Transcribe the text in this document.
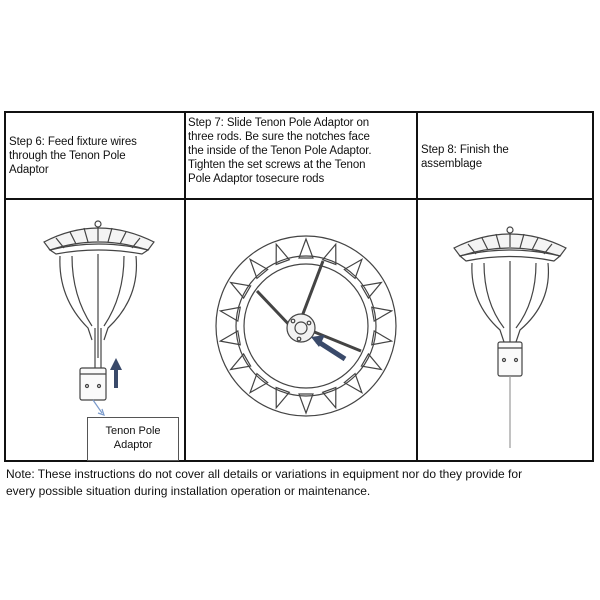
Step 6: Feed fixture wires
through the Tenon Pole
Adaptor
Step 7: Slide Tenon Pole Adaptor on
three rods. Be sure the notches face
the inside of the Tenon Pole Adaptor.
Tighten the set screws at the Tenon
Pole Adaptor tosecure rods
Step 8: Finish the
assemblage
Tenon Pole
Adaptor
Note: These instructions do not cover all details or variations in equipment nor do they provide for
every possible situation during installation operation or maintenance.
